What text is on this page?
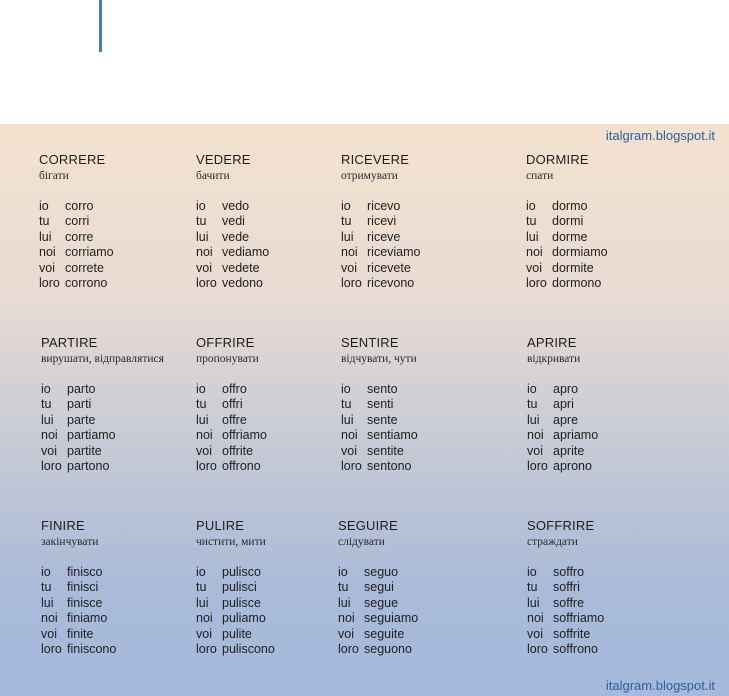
italgram.blogspot.it
CORRERE
бігати
io	corro
tu	corri
lui	corre
noi	corriamo
voi	correte
loro	corrono
VEDERE
бачити
io	vedo
tu	vedi
lui	vede
noi	vediamo
voi	vedete
loro	vedono
RICEVERE
отримувати
io	ricevo
tu	ricevi
lui	riceve
noi	riceviamo
voi	ricevete
loro	ricevono
DORMIRE
спати
io	dormo
tu	dormi
lui	dorme
noi	dormiamo
voi	dormite
loro	dormono
PARTIRE
вирушати, відправлятися
io	parto
tu	parti
lui	parte
noi	partiamo
voi	partite
loro	partono
OFFRIRE
пропонувати
io	offro
tu	offri
lui	offre
noi	offriamo
voi	offrite
loro	offrono
SENTIRE
відчувати, чути
io	sento
tu	senti
lui	sente
noi	sentiamo
voi	sentite
loro	sentono
APRIRE
відкривати
io	apro
tu	apri
lui	apre
noi	apriamo
voi	aprite
loro	aprono
FINIRE
закінчувати
io	finisco
tu	finisci
lui	finisce
noi	finiamo
voi	finite
loro	finiscono
PULIRE
чистити, мити
io	pulisco
tu	pulisci
lui	pulisce
noi	puliamo
voi	pulite
loro	puliscono
SEGUIRE
слідувати
io	seguo
tu	segui
lui	segue
noi	seguiamo
voi	seguite
loro	seguono
SOFFRIRE
страждати
io	soffro
tu	soffri
lui	soffre
noi	soffriamo
voi	soffrite
loro	soffrono
italgram.blogspot.it
